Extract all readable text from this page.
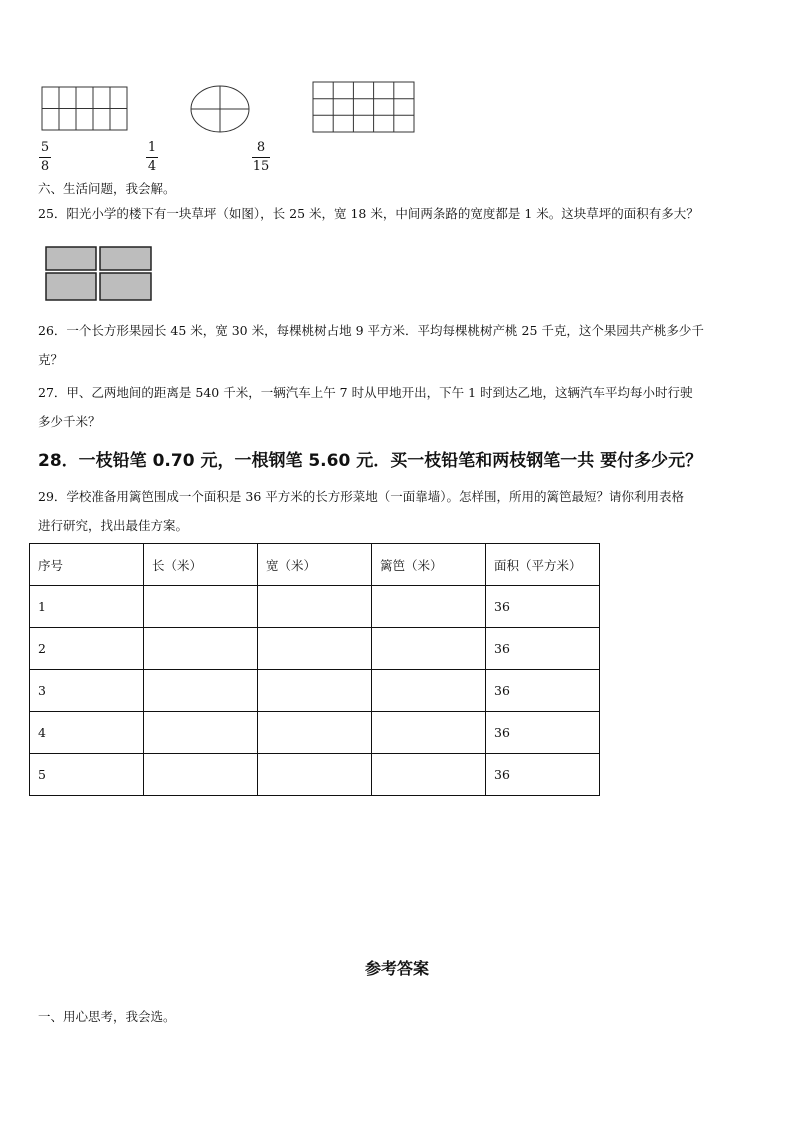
5
8
1
4
8
15
六、生活问题，我会解。
25．阳光小学的楼下有一块草坪（如图），长 25 米，宽 18 米，中间两条路的宽度都是 1 米。这块草坪的面积有多大？
26．一个长方形果园长 45 米，宽 30 米，每棵桃树占地 9 平方米．平均每棵桃树产桃 25 千克，这个果园共产桃多少千
克？
27．甲、乙两地间的距离是 540 千米，一辆汽车上午 7 时从甲地开出，下午 1 时到达乙地，这辆汽车平均每小时行驶
多少千米？
28．一枝铅笔 0.70 元，一根钢笔 5.60 元．买一枝铅笔和两枝钢笔一共 要付多少元？
29．学校准备用篱笆围成一个面积是 36 平方米的长方形菜地（一面靠墙）。怎样围，所用的篱笆最短？请你利用表格
进行研究，找出最佳方案。
序号	长（米）	宽（米）	篱笆（米）	面积（平方米）
1				36
2				36
3				36
4				36
5				36
参考答案
一、用心思考，我会选。
